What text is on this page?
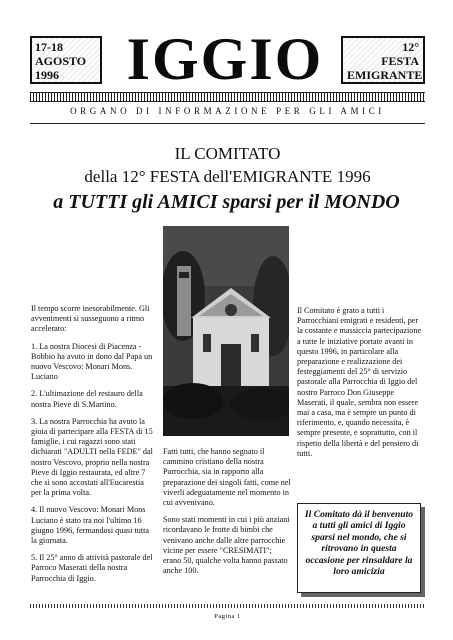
17-18
AGOSTO
1996	IGGIO	12°
FESTA
EMIGRANTE
ORGANO DI INFORMAZIONE PER GLI AMICI
IL COMITATO
della 12° FESTA dell'EMIGRANTE 1996
a TUTTI gli AMICI sparsi per il MONDO

Il tempo scorre inesorabilmente. Gli avvenimenti si susseguono a ritmo accelerato:

1. La nostra Diocesi di Piacenza - Bobbio ha avuto in dono dal Papa un nuovo Vescovo: Monari Mons. Luciano

2. L'ultimazione del restauro della nostra Pieve di S.Martino.

3. La nostra Parrocchia ha avuto la gioia di partecipare alla FESTA di 15 famiglie, i cui ragazzi sono stati dichiarati "ADULTI nella FEDE" dal nostro Vescovo, proprio nella nostra Pieve di Iggio restaurata, ed altre 7 che si sono accostati all'Eucarestia per la prima volta.

4. Il nuovo Vescovo: Monari Mons Luciano è stato tra noi l'ultimo 16 giugno 1996, fermandosi quasi tutta la giornata.

5. Il 25° anno di attività pastorale del Parroco Maserati della nostra Parrocchia di Iggio.

Fatti tutti, che hanno segnato il cammino cristiano della nostra Parrocchia, sia in rapporto alla preparazione dei singoli fatti, come nel viverli adeguatamente nel momento in cui avvenivano.

Sono stati momenti in cui i più anziani ricordavano le frotte di bimbi che venivano anche dalle altre parrocchie vicine per essere "CRESIMATI"; erano 50, qualche volta hanno passato anche 100.

Il Comitato è grato a tutti i Parrocchiani emigrati e residenti, per la costante e massiccia partecipazione a tutte le iniziative portate avanti in questo 1996, in particolare alla preparazione e realizzazione dei festeggiamenti del 25° di servizio pastorale alla Parrocchia di Iggio del nostro Parroco Don Giuseppe Maserati, il quale, sembra non essere mai a casa, ma è sempre un punto di riferimento, e, quando necessita, è sempre presente, e soprattutto, con il rispetto della libertà e del pensiero di tutti.

Il Comitato dà il benvenuto a tutti gli amici di Iggio sparsi nel mondo, che si ritrovano in questa occasione per rinsaldare la loro amicizia
Pagina 1
